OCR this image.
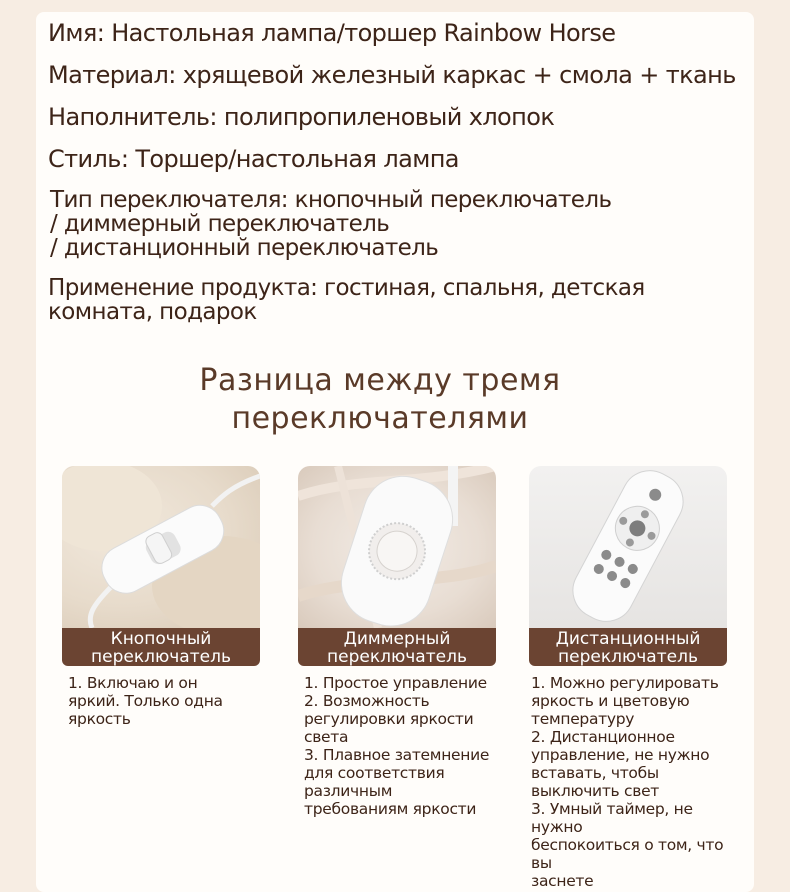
Имя: Настольная лампа/торшер Rainbow Horse
Материал: хрящевой железный каркас + смола + ткань
Наполнитель: полипропиленовый хлопок
Стиль: Торшер/настольная лампа
Тип переключателя: кнопочный переключатель
/ диммерный переключатель
/ дистанционный переключатель
Применение продукта: гостиная, спальня, детская
комната, подарок
Разница между тремя
переключателями
Кнопочный
переключатель

1. Включаю и он

яркий. Только одна

яркость

Диммерный
переключатель

1. Простое управление

2. Возможность

регулировки яркости

света

3. Плавное затемнение

для соответствия

различным

требованиям яркости

Дистанционный
переключатель

1. Можно регулировать

яркость и цветовую

температуру

2. Дистанционное

управление, не нужно

вставать, чтобы

выключить свет

3. Умный таймер, не нужно

беспокоиться о том, что вы

заснете
